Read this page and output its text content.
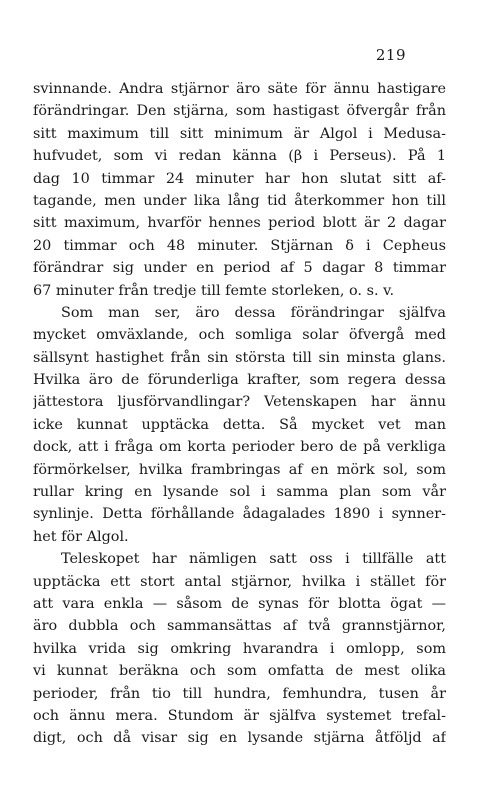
219
svinnande. Andra stjärnor äro säte för ännu hastigare
förändringar. Den stjärna, som hastigast öfvergår från
sitt maximum till sitt minimum är Algol i Medusa-
hufvudet, som vi redan känna (β i Perseus). På 1
dag 10 timmar 24 minuter har hon slutat sitt af-
tagande, men under lika lång tid återkommer hon till
sitt maximum, hvarför hennes period blott är 2 dagar
20 timmar och 48 minuter. Stjärnan δ i Cepheus
förändrar sig under en period af 5 dagar 8 timmar
67 minuter från tredje till femte storleken, o. s. v.
Som man ser, äro dessa förändringar själfva
mycket omväxlande, och somliga solar öfvergå med
sällsynt hastighet från sin största till sin minsta glans.
Hvilka äro de förunderliga krafter, som regera dessa
jättestora ljusförvandlingar? Vetenskapen har ännu
icke kunnat upptäcka detta. Så mycket vet man
dock, att i fråga om korta perioder bero de på verkliga
förmörkelser, hvilka frambringas af en mörk sol, som
rullar kring en lysande sol i samma plan som vår
synlinje. Detta förhållande ådagalades 1890 i synner-
het för Algol.
Teleskopet har nämligen satt oss i tillfälle att
upptäcka ett stort antal stjärnor, hvilka i stället för
att vara enkla — såsom de synas för blotta ögat —
äro dubbla och sammansättas af två grannstjärnor,
hvilka vrida sig omkring hvarandra i omlopp, som
vi kunnat beräkna och som omfatta de mest olika
perioder, från tio till hundra, femhundra, tusen år
och ännu mera. Stundom är själfva systemet trefal-
digt, och då visar sig en lysande stjärna åtföljd af
